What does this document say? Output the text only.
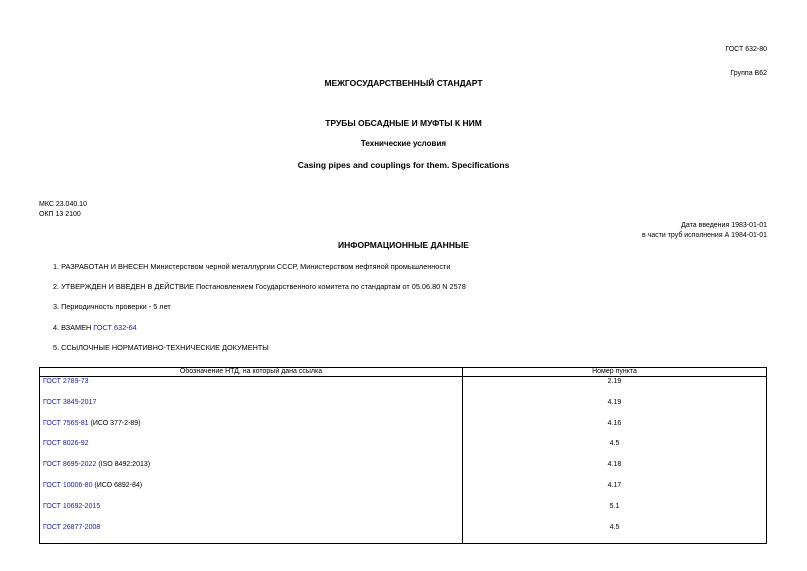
ГОСТ 632-80
Группа В62
МЕЖГОСУДАРСТВЕННЫЙ СТАНДАРТ
ТРУБЫ ОБСАДНЫЕ И МУФТЫ К НИМ
Технические условия
Casing pipes and couplings for them. Specifications
МКС 23.040.10
ОКП 13 2100
Дата введения 1983-01-01
в части труб исполнения А 1984-01-01
ИНФОРМАЦИОННЫЕ ДАННЫЕ
1. РАЗРАБОТАН И ВНЕСЕН Министерством черной металлургии СССР, Министерством нефтяной промышленности
2. УТВЕРЖДЕН И ВВЕДЕН В ДЕЙСТВИЕ Постановлением Государственного комитета по стандартам от 05.06.80 N 2578
3. Периодичность проверки - 5 лет
4. ВЗАМЕН ГОСТ 632-64
5. ССЫЛОЧНЫЕ НОРМАТИВНО-ТЕХНИЧЕСКИЕ ДОКУМЕНТЫ
Обозначение НТД, на который дана ссылка	Номер пункта
ГОСТ 2789-73	2.19
ГОСТ 3845-2017	4.19
ГОСТ 7565-81 (ИСО 377-2-89)	4.16
ГОСТ 8026-92	4.5
ГОСТ 8695-2022 (ISO 8492:2013)	4.18
ГОСТ 10006-80 (ИСО 6892-84)	4.17
ГОСТ 10692-2015	5.1
ГОСТ 26877-2008	4.5
